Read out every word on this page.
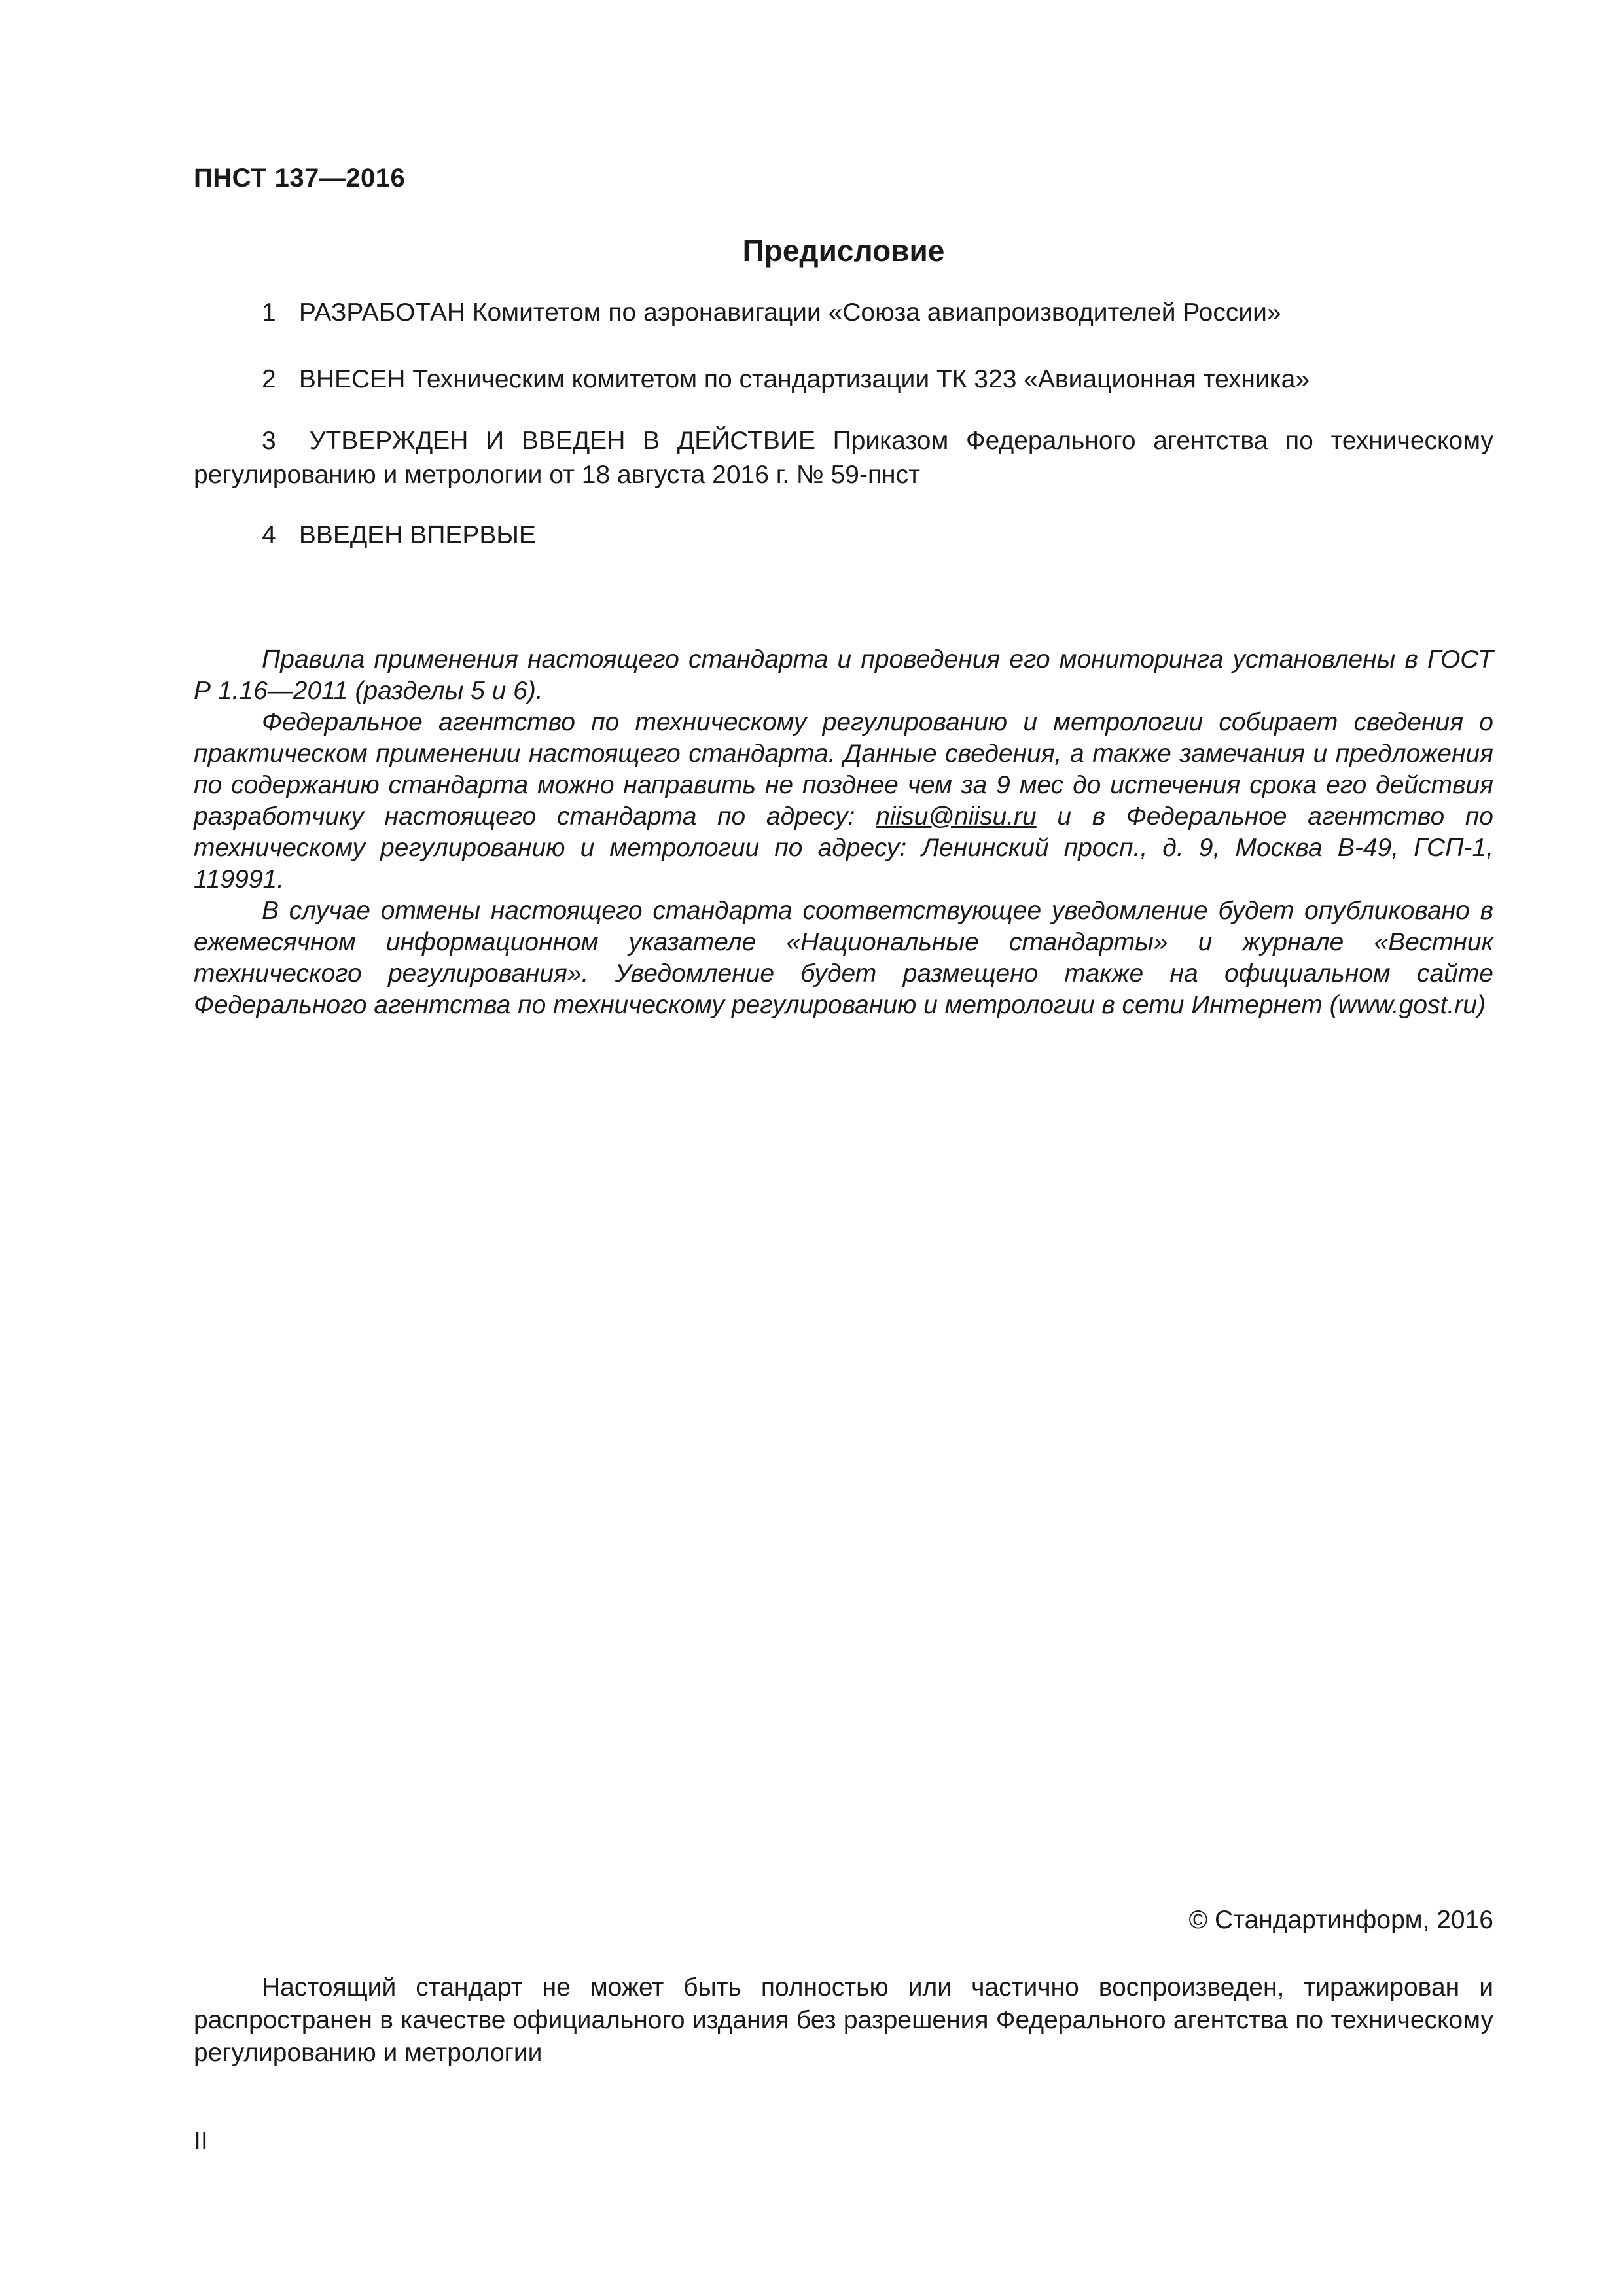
ПНСТ 137—2016
Предисловие
1 РАЗРАБОТАН Комитетом по аэронавигации «Союза авиапроизводителей России»
2 ВНЕСЕН Техническим комитетом по стандартизации ТК 323 «Авиационная техника»
3 УТВЕРЖДЕН И ВВЕДЕН В ДЕЙСТВИЕ Приказом Федерального агентства по техническому регулированию и метрологии от 18 августа 2016 г. № 59-пнст
4 ВВЕДЕН ВПЕРВЫЕ

Правила применения настоящего стандарта и проведения его мониторинга установлены в ГОСТ Р 1.16—2011 (разделы 5 и 6).

Федеральное агентство по техническому регулированию и метрологии собирает сведения о практическом применении настоящего стандарта. Данные сведения, а также замечания и предложения по содержанию стандарта можно направить не позднее чем за 9 мес до истечения срока его действия разработчику настоящего стандарта по адресу: niisu@niisu.ru и в Федеральное агентство по техническому регулированию и метрологии по адресу: Ленинский просп., д. 9, Москва В-49, ГСП-1, 119991.

В случае отмены настоящего стандарта соответствующее уведомление будет опубликовано в ежемесячном информационном указателе «Национальные стандарты» и журнале «Вестник технического регулирования». Уведомление будет размещено также на официальном сайте Федерального агентства по техническому регулированию и метрологии в сети Интернет (www.gost.ru)

© Стандартинформ, 2016
Настоящий стандарт не может быть полностью или частично воспроизведен, тиражирован и распространен в качестве официального издания без разрешения Федерального агентства по техническому регулированию и метрологии
II
